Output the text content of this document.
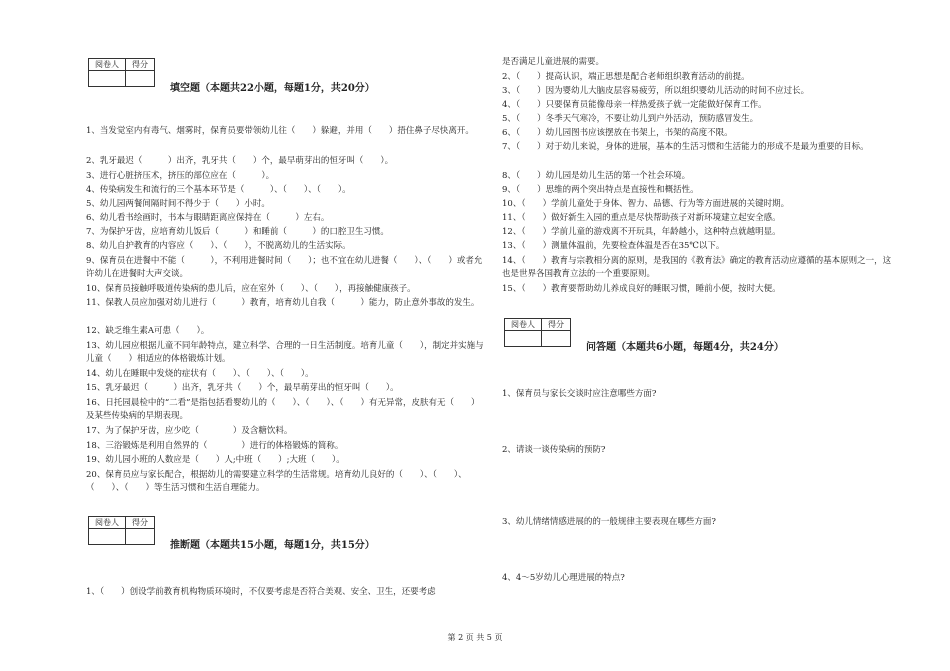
阅卷人	得分

填空题（本题共22小题，每题1分，共20分）

1、当发觉室内有毒气、烟雾时，保育员要带领幼儿往（　　）躲避，并用（　　）捂住鼻子尽快离开。

2、乳牙最迟（　　　）出齐，乳牙共（　　）个，最早萌芽出的恒牙叫（　　）。

3、进行心脏挤压术，挤压的部位应在（　　　）。

4、传染病发生和流行的三个基本环节是（　　　）、（　　）、（　　）。

5、幼儿园两餐间隔时间不得少于（　　）小时。

6、幼儿看书绘画时，书本与眼睛距离应保持在（　　　）左右。

7、为保护牙齿，应培育幼儿饭后（　　　）和睡前（　　　）的口腔卫生习惯。

8、幼儿自护教育的内容应（　　）、（　　），不脱离幼儿的生活实际。

9、保育员在进餐中不能（　　　），不利用进餐时间（　　）；也不宜在幼儿进餐（　　）、（　　）或者允许幼儿在进餐时大声交谈。

10、保育员接触呼吸道传染病的患儿后，应在室外（　　）、（　　），再接触健康孩子。

11、保教人员应加强对幼儿进行（　　　）教育，培育幼儿自我（　　　）能力，防止意外事故的发生。

12、缺乏维生素A可患（　　）。

13、幼儿园应根据儿童不同年龄特点，建立科学、合理的一日生活制度。培育儿童（　　），制定并实施与儿童（　　）相适应的体格锻炼计划。

14、幼儿在睡眠中发烧的症状有（　　）、（　　）、（　　）。

15、乳牙最迟（　　　）出齐，乳牙共（　　）个，最早萌芽出的恒牙叫（　　）。

16、日托园晨检中的“二看”是指包括看婴幼儿的（　　）、（　　）、（　　）有无异常，皮肤有无（　　）及某些传染病的早期表现。

17、为了保护牙齿，应少吃（　　　　）及含糖饮料。

18、三浴锻炼是利用自然界的（　　　　）进行的体格锻炼的简称。

19、幼儿园小班的人数应是（　　）人;中班（　　）;大班（　　）。

20、保育员应与家长配合，根据幼儿的需要建立科学的生活常规。培育幼儿良好的（　　）、（　　）、（　　）、（　　）等生活习惯和生活自理能力。

阅卷人	得分

推断题（本题共15小题，每题1分，共15分）

1、（　　）创设学前教育机构物质环境时，不仅要考虑是否符合美观、安全、卫生，还要考虑

是否满足儿童进展的需要。

2、（　　）提高认识，端正思想是配合老师组织教育活动的前提。

3、（　　）因为婴幼儿大脑皮层容易疲劳，所以组织婴幼儿活动的时间不应过长。

4、（　　）只要保育员能像母亲一样热爱孩子就一定能做好保育工作。

5、（　　）冬季天气寒冷，不要让幼儿到户外活动，预防感冒发生。

6、（　　）幼儿园图书应该摆放在书架上，书架的高度不限。

7、（　　）对于幼儿来说，身体的进展，基本的生活习惯和生活能力的形成不是最为重要的目标。

8、（　　）幼儿园是幼儿生活的第一个社会环境。

9、（　　）思维的两个突出特点是直接性和概括性。

10、（　　）学前儿童处于身体、智力、品德、行为等方面进展的关键时期。

11、（　　）做好新生入园的重点是尽快帮助孩子对新环境建立起安全感。

12、（　　）学前儿童的游戏离不开玩具，年龄越小，这种特点就越明显。

13、（　　）测量体温前，先要检查体温是否在35℃以下。

14、（　　）教育与宗教相分离的原则，是我国的《教育法》确定的教育活动应遵循的基本原则之一，这也是世界各国教育立法的一个重要原则。

15、（　　）教育要帮助幼儿养成良好的睡眠习惯，睡前小便，按时大便。

阅卷人	得分

问答题（本题共6小题，每题4分，共24分）

1、保育员与家长交谈时应注意哪些方面?

2、请谈一谈传染病的预防?

3、幼儿情绪情感进展的的一般规律主要表现在哪些方面?

4、4～5岁幼儿心理进展的特点?

第 2 页 共 5 页
